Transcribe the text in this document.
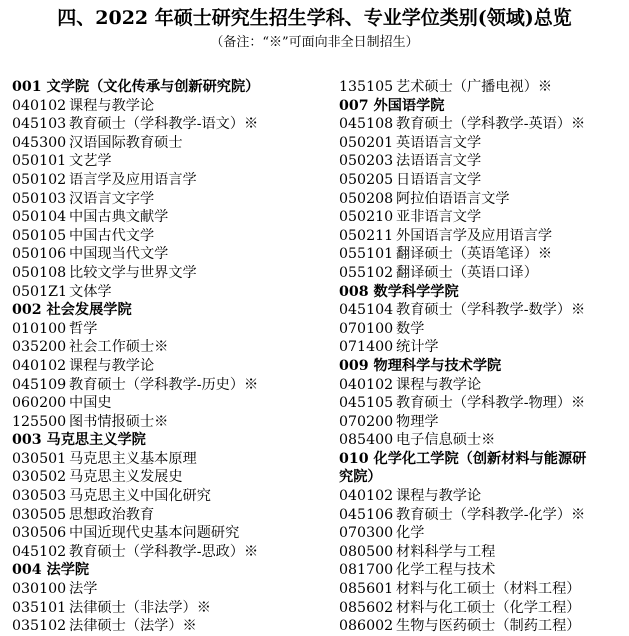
四、2022 年硕士研究生招生学科、专业学位类别(领域)总览
（备注：“※”可面向非全日制招生）
001 文学院（文化传承与创新研究院）
040102 课程与教学论
045103 教育硕士（学科教学-语文）※
045300 汉语国际教育硕士
050101 文艺学
050102 语言学及应用语言学
050103 汉语言文字学
050104 中国古典文献学
050105 中国古代文学
050106 中国现当代文学
050108 比较文学与世界文学
0501Z1 文体学
002 社会发展学院
010100 哲学
035200 社会工作硕士※
040102 课程与教学论
045109 教育硕士（学科教学-历史）※
060200 中国史
125500 图书情报硕士※
003 马克思主义学院
030501 马克思主义基本原理
030502 马克思主义发展史
030503 马克思主义中国化研究
030505 思想政治教育
030506 中国近现代史基本问题研究
045102 教育硕士（学科教学-思政）※
004 法学院
030100 法学
035101 法律硕士（非法学）※
035102 法律硕士（法学）※
135105 艺术硕士（广播电视）※
007 外国语学院
045108 教育硕士（学科教学-英语）※
050201 英语语言文学
050203 法语语言文学
050205 日语语言文学
050208 阿拉伯语语言文学
050210 亚非语言文学
050211 外国语言学及应用语言学
055101 翻译硕士（英语笔译）※
055102 翻译硕士（英语口译）
008 数学科学学院
045104 教育硕士（学科教学-数学）※
070100 数学
071400 统计学
009 物理科学与技术学院
040102 课程与教学论
045105 教育硕士（学科教学-物理）※
070200 物理学
085400 电子信息硕士※
010 化学化工学院（创新材料与能源研
究院）
040102 课程与教学论
045106 教育硕士（学科教学-化学）※
070300 化学
080500 材料科学与工程
081700 化学工程与技术
085601 材料与化工硕士（材料工程）
085602 材料与化工硕士（化学工程）
086002 生物与医药硕士（制药工程）
